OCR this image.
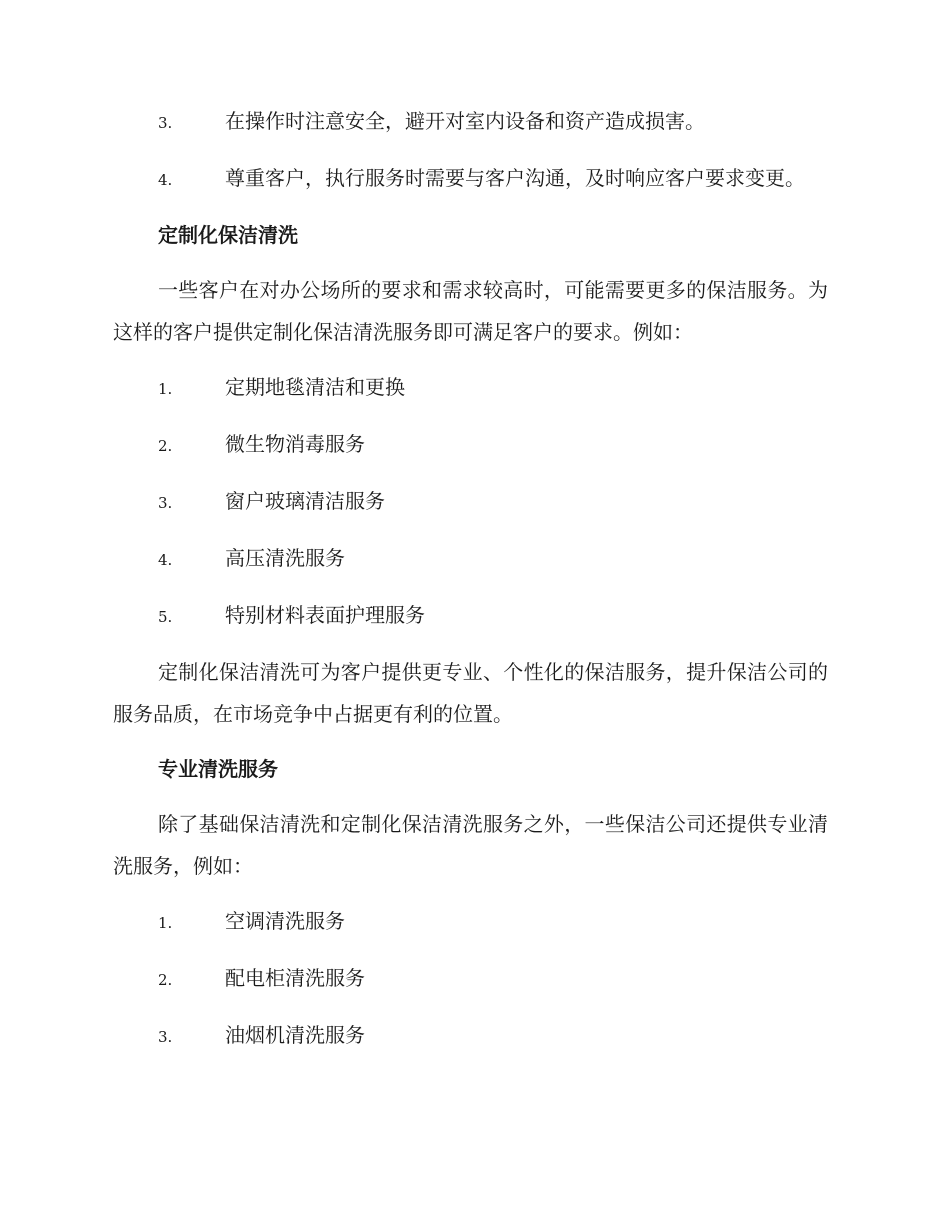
3.	在操作时注意安全，避开对室内设备和资产造成损害。
4.	尊重客户，执行服务时需要与客户沟通，及时响应客户要求变更。
定制化保洁清洗
一些客户在对办公场所的要求和需求较高时，可能需要更多的保洁服务。为这样的客户提供定制化保洁清洗服务即可满足客户的要求。例如：
1.	定期地毯清洁和更换
2.	微生物消毒服务
3.	窗户玻璃清洁服务
4.	高压清洗服务
5.	特别材料表面护理服务
定制化保洁清洗可为客户提供更专业、个性化的保洁服务，提升保洁公司的服务品质，在市场竞争中占据更有利的位置。
专业清洗服务
除了基础保洁清洗和定制化保洁清洗服务之外，一些保洁公司还提供专业清洗服务，例如：
1.	空调清洗服务
2.	配电柜清洗服务
3.	油烟机清洗服务
